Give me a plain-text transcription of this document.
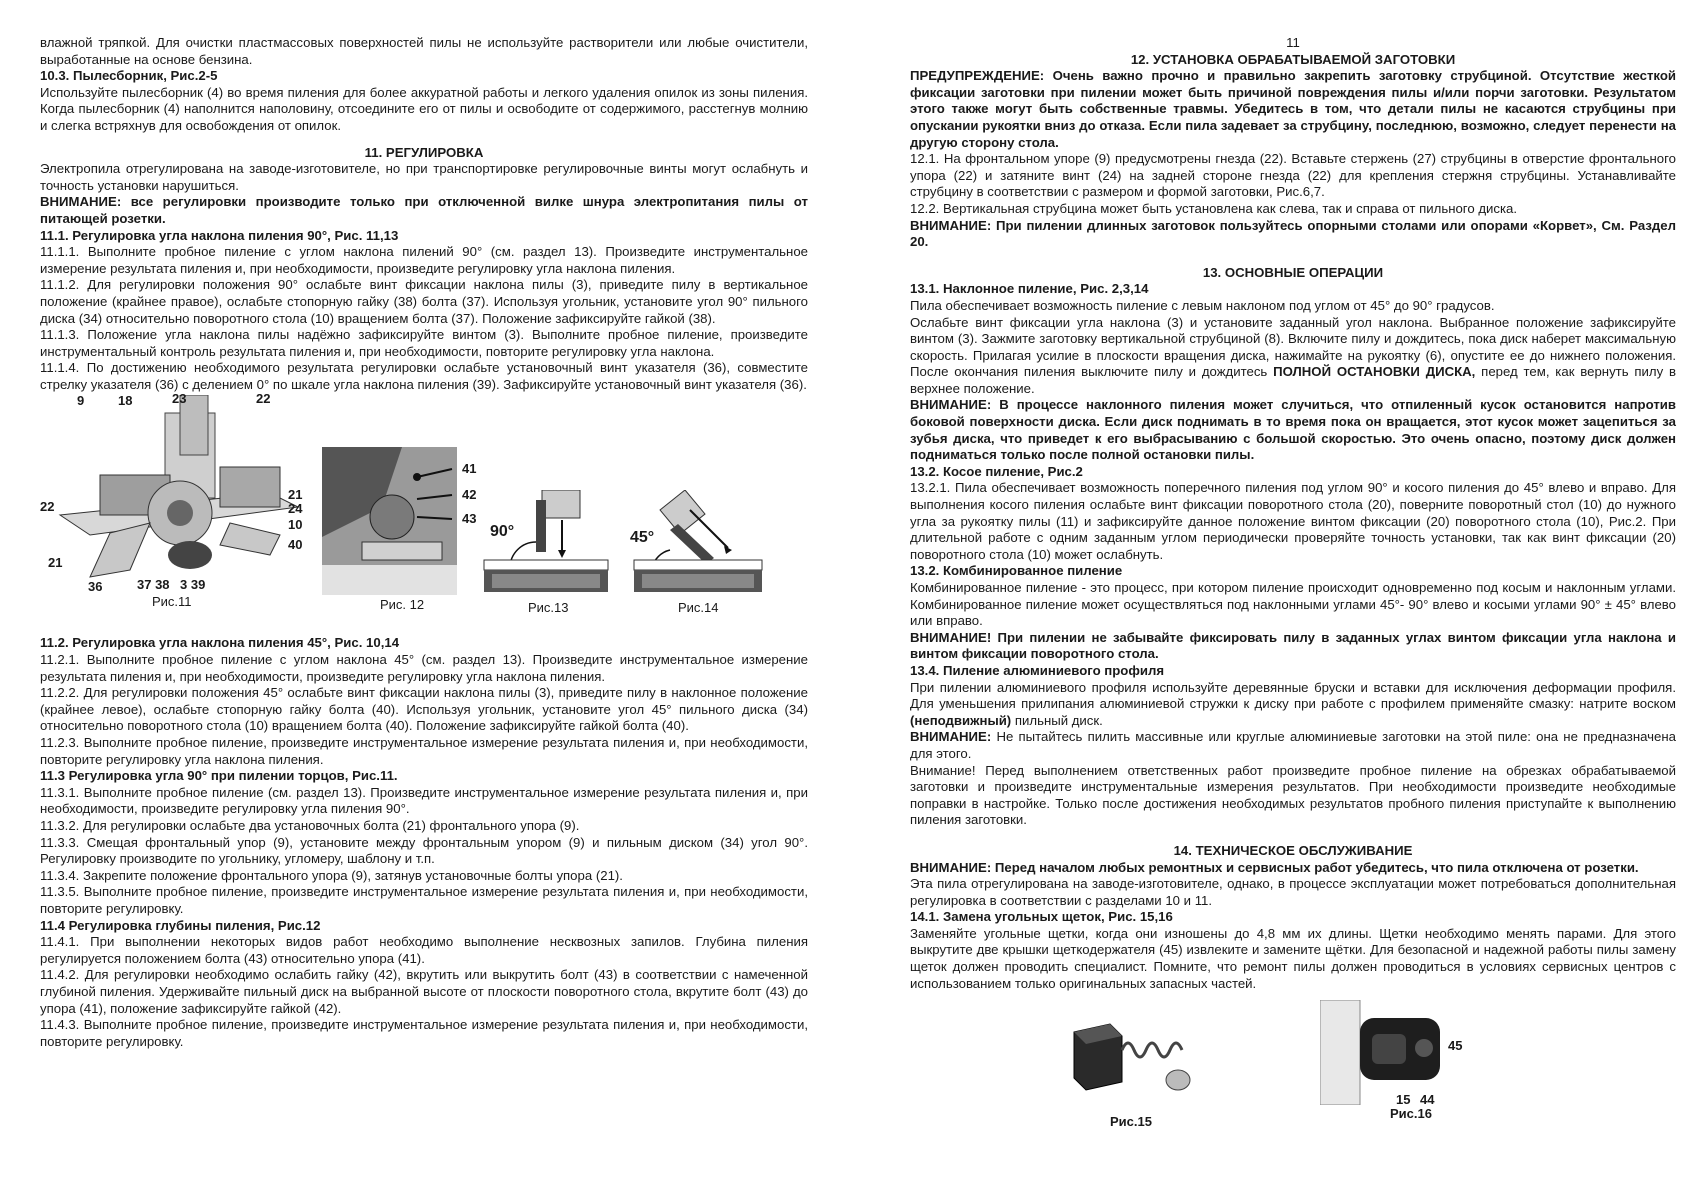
влажной тряпкой. Для очистки пластмассовых поверхностей пилы не используйте растворители или любые очистители, выработанные на основе бензина.

10.3. Пылесборник, Рис.2-5

Используйте пылесборник (4) во время пиления для более аккуратной работы и легкого удаления опилок из зоны пиления. Когда пылесборник (4) наполнится наполовину, отсоедините его от пилы и освободите от содержимого, расстегнув молнию и слегка встряхнув для освобождения от опилок.

11. РЕГУЛИРОВКА

Электропила отрегулирована на заводе-изготовителе, но при транспортировке регулировочные винты могут ослабнуть и точность установки нарушиться.

ВНИМАНИЕ: все регулировки производите только при отключенной вилке шнура электропитания пилы от питающей розетки.

11.1. Регулировка угла наклона пиления 90°, Рис. 11,13

11.1.1. Выполните пробное пиление с углом наклона пилений 90° (см. раздел 13). Произведите инструментальное измерение результата пиления и, при необходимости, произведите регулировку угла наклона пиления.

11.1.2. Для регулировки положения 90° ослабьте винт фиксации наклона пилы (3), приведите пилу в вертикальное положение (крайнее правое), ослабьте стопорную гайку (38) болта (37). Используя угольник, установите угол 90° пильного диска (34) относительно поворотного стола (10) вращением болта (37). Положение зафиксируйте гайкой (38).

11.1.3. Положение угла наклона пилы надёжно зафиксируйте винтом (3). Выполните пробное пиление, произведите инструментальный контроль результата пиления и, при необходимости, повторите регулировку угла наклона.

11.1.4. По достижению необходимого результата регулировки ослабьте установочный винт указателя (36), совместите стрелку указателя (36) с делением 0° по шкале угла наклона пиления (39). Зафиксируйте установочный винт указателя (36).

9	18	23	22
21
24
10
40
22
21
36	37 38 3 39
Рис.11
41
42
43
Рис. 12
90°
Рис.13
45°
Рис.14

11.2. Регулировка угла наклона пиления 45°, Рис. 10,14

11.2.1. Выполните пробное пиление с углом наклона 45° (см. раздел 13). Произведите инструментальное измерение результата пиления и, при необходимости, произведите регулировку угла наклона пиления.

11.2.2. Для регулировки положения 45° ослабьте винт фиксации наклона пилы (3), приведите пилу в наклонное положение (крайнее левое), ослабьте стопорную гайку болта (40). Используя угольник, установите угол 45° пильного диска (34) относительно поворотного стола (10) вращением болта (40). Положение зафиксируйте гайкой болта (40).

11.2.3. Выполните пробное пиление, произведите инструментальное измерение результата пиления и, при необходимости, повторите регулировку угла наклона пиления.

11.3 Регулировка угла 90° при пилении торцов, Рис.11.

11.3.1. Выполните пробное пиление (см. раздел 13). Произведите инструментальное измерение результата пиления и, при необходимости, произведите регулировку угла пиления 90°.

11.3.2. Для регулировки ослабьте два установочных болта (21) фронтального упора (9).

11.3.3. Смещая фронтальный упор (9), установите между фронтальным упором (9) и пильным диском (34) угол 90°. Регулировку производите по угольнику, угломеру, шаблону и т.п.

11.3.4. Закрепите положение фронтального упора (9), затянув установочные болты упора (21).

11.3.5. Выполните пробное пиление, произведите инструментальное измерение результата пиления и, при необходимости, повторите регулировку.

11.4 Регулировка глубины пиления, Рис.12

11.4.1. При выполнении некоторых видов работ необходимо выполнение несквозных запилов. Глубина пиления регулируется положением болта (43) относительно упора (41).

11.4.2. Для регулировки необходимо ослабить гайку (42), вкрутить или выкрутить болт (43) в соответствии с намеченной глубиной пиления. Удерживайте пильный диск на выбранной высоте от плоскости поворотного стола, вкрутите болт (43) до упора (41), положение зафиксируйте гайкой (42).

11.4.3. Выполните пробное пиление, произведите инструментальное измерение результата пиления и, при необходимости, повторите регулировку.

11

12. УСТАНОВКА ОБРАБАТЫВАЕМОЙ ЗАГОТОВКИ

ПРЕДУПРЕЖДЕНИЕ: Очень важно прочно и правильно закрепить заготовку струбциной. Отсутствие жесткой фиксации заготовки при пилении может быть причиной повреждения пилы и/или порчи заготовки. Результатом этого также могут быть собственные травмы. Убедитесь в том, что детали пилы не касаются струбцины при опускании рукоятки вниз до отказа. Если пила задевает за струбцину, последнюю, возможно, следует перенести на другую сторону стола.

12.1. На фронтальном упоре (9) предусмотрены гнезда (22). Вставьте стержень (27) струбцины в отверстие фронтального упора (22) и затяните винт (24) на задней стороне гнезда (22) для крепления стержня струбцины. Устанавливайте струбцину в соответствии с размером и формой заготовки, Рис.6,7.

12.2. Вертикальная струбцина может быть установлена как слева, так и справа от пильного диска.

ВНИМАНИЕ: При пилении длинных заготовок пользуйтесь опорными столами или опорами «Корвет», См. Раздел 20.

13. ОСНОВНЫЕ ОПЕРАЦИИ

13.1. Наклонное пиление, Рис. 2,3,14

Пила обеспечивает возможность пиление с левым наклоном под углом от 45° до 90° градусов.

Ослабьте винт фиксации угла наклона (3) и установите заданный угол наклона. Выбранное положение зафиксируйте винтом (3). Зажмите заготовку вертикальной струбциной (8). Включите пилу и дождитесь, пока диск наберет максимальную скорость. Прилагая усилие в плоскости вращения диска, нажимайте на рукоятку (6), опустите ее до нижнего положения. После окончания пиления выключите пилу и дождитесь ПОЛНОЙ ОСТАНОВКИ ДИСКА, перед тем, как вернуть пилу в верхнее положение.

ВНИМАНИЕ: В процессе наклонного пиления может случиться, что отпиленный кусок остановится напротив боковой поверхности диска. Если диск поднимать в то время пока он вращается, этот кусок может зацепиться за зубья диска, что приведет к его выбрасыванию с большой скоростью. Это очень опасно, поэтому диск должен подниматься только после полной остановки пилы.

13.2. Косое пиление, Рис.2

13.2.1. Пила обеспечивает возможность поперечного пиления под углом 90° и косого пиления до 45° влево и вправо. Для выполнения косого пиления ослабьте винт фиксации поворотного стола (20), поверните поворотный стол (10) до нужного угла за рукоятку пилы (11) и зафиксируйте данное положение винтом фиксации (20) поворотного стола (10), Рис.2. При длительной работе с одним заданным углом периодически проверяйте точность установки, так как винт фиксации (20) поворотного стола (10) может ослабнуть.

13.2. Комбинированное пиление

Комбинированное пиление - это процесс, при котором пиление происходит одновременно под косым и наклонным углами. Комбинированное пиление может осуществляться под наклонными углами 45°- 90° влево и косыми углами 90° ± 45° влево или вправо.

ВНИМАНИЕ! При пилении не забывайте фиксировать пилу в заданных углах винтом фиксации угла наклона и винтом фиксации поворотного стола.

13.4. Пиление алюминиевого профиля

При пилении алюминиевого профиля используйте деревянные бруски и вставки для исключения деформации профиля. Для уменьшения прилипания алюминиевой стружки к диску при работе с профилем применяйте смазку: натрите воском (неподвижный) пильный диск.

ВНИМАНИЕ: Не пытайтесь пилить массивные или круглые алюминиевые заготовки на этой пиле: она не предназначена для этого.

Внимание! Перед выполнением ответственных работ произведите пробное пиление на обрезках обрабатываемой заготовки и произведите инструментальные измерения результатов. При необходимости произведите необходимые поправки в настройке. Только после достижения необходимых результатов пробного пиления приступайте к выполнению пиления заготовки.

14. ТЕХНИЧЕСКОЕ ОБСЛУЖИВАНИЕ

ВНИМАНИЕ: Перед началом любых ремонтных и сервисных работ убедитесь, что пила отключена от розетки.

Эта пила отрегулирована на заводе-изготовителе, однако, в процессе эксплуатации может потребоваться дополнительная регулировка в соответствии с разделами 10 и 11.

14.1. Замена угольных щеток, Рис. 15,16

Заменяйте угольные щетки, когда они изношены до 4,8 мм их длины. Щетки необходимо менять парами. Для этого выкрутите две крышки щеткодержателя (45) извлеките и замените щётки. Для безопасной и надежной работы пилы замену щеток должен проводить специалист. Помните, что ремонт пилы должен проводиться в условиях сервисных центров с использованием только оригинальных запасных частей.

Рис.15
45
15 44
Рис.16
